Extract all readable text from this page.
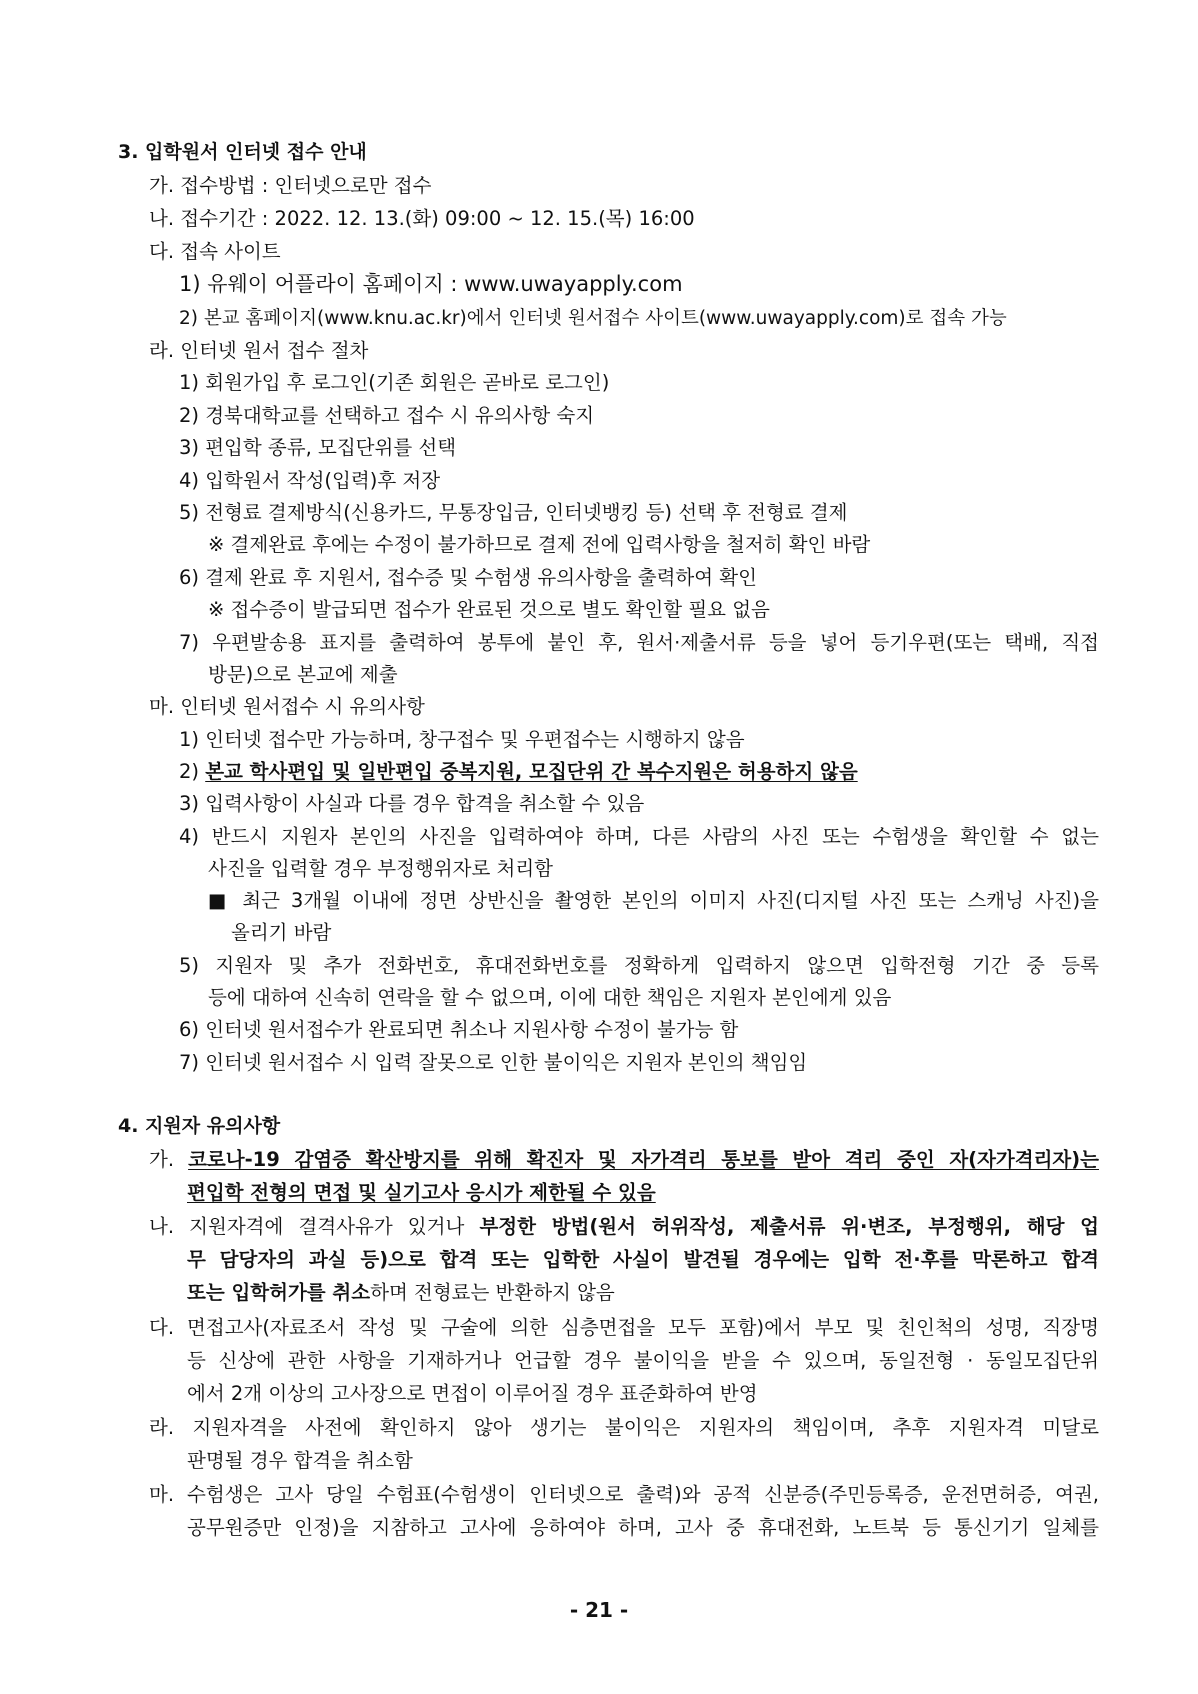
3. 입학원서 인터넷 접수 안내
가. 접수방법 : 인터넷으로만 접수
나. 접수기간 : 2022. 12. 13.(화) 09:00 ~ 12. 15.(목) 16:00
다. 접속 사이트
1) 유웨이 어플라이 홈페이지 : www.uwayapply.com
2) 본교 홈페이지(www.knu.ac.kr)에서 인터넷 원서접수 사이트(www.uwayapply.com)로 접속 가능
라. 인터넷 원서 접수 절차
1) 회원가입 후 로그인(기존 회원은 곧바로 로그인)
2) 경북대학교를 선택하고 접수 시 유의사항 숙지
3) 편입학 종류, 모집단위를 선택
4) 입학원서 작성(입력)후 저장
5) 전형료 결제방식(신용카드, 무통장입금, 인터넷뱅킹 등) 선택 후 전형료 결제
※ 결제완료 후에는 수정이 불가하므로 결제 전에 입력사항을 철저히 확인 바람
6) 결제 완료 후 지원서, 접수증 및 수험생 유의사항을 출력하여 확인
※ 접수증이 발급되면 접수가 완료된 것으로 별도 확인할 필요 없음
7) 우편발송용 표지를 출력하여 봉투에 붙인 후, 원서·제출서류 등을 넣어 등기우편(또는 택배, 직접
방문)으로 본교에 제출
마. 인터넷 원서접수 시 유의사항
1) 인터넷 접수만 가능하며, 창구접수 및 우편접수는 시행하지 않음
2) 본교 학사편입 및 일반편입 중복지원, 모집단위 간 복수지원은 허용하지 않음
3) 입력사항이 사실과 다를 경우 합격을 취소할 수 있음
4) 반드시 지원자 본인의 사진을 입력하여야 하며, 다른 사람의 사진 또는 수험생을 확인할 수 없는
사진을 입력할 경우 부정행위자로 처리함
■ 최근 3개월 이내에 정면 상반신을 촬영한 본인의 이미지 사진(디지털 사진 또는 스캐닝 사진)을
올리기 바람
5) 지원자 및 추가 전화번호, 휴대전화번호를 정확하게 입력하지 않으면 입학전형 기간 중 등록
등에 대하여 신속히 연락을 할 수 없으며, 이에 대한 책임은 지원자 본인에게 있음
6) 인터넷 원서접수가 완료되면 취소나 지원사항 수정이 불가능 함
7) 인터넷 원서접수 시 입력 잘못으로 인한 불이익은 지원자 본인의 책임임
4. 지원자 유의사항
가. 코로나-19 감염증 확산방지를 위해 확진자 및 자가격리 통보를 받아 격리 중인 자(자가격리자)는
편입학 전형의 면접 및 실기고사 응시가 제한될 수 있음
나. 지원자격에 결격사유가 있거나 부정한 방법(원서 허위작성, 제출서류 위·변조, 부정행위, 해당 업
무 담당자의 과실 등)으로 합격 또는 입학한 사실이 발견될 경우에는 입학 전·후를 막론하고 합격
또는 입학허가를 취소하며 전형료는 반환하지 않음
다. 면접고사(자료조서 작성 및 구술에 의한 심층면접을 모두 포함)에서 부모 및 친인척의 성명, 직장명
등 신상에 관한 사항을 기재하거나 언급할 경우 불이익을 받을 수 있으며, 동일전형 · 동일모집단위
에서 2개 이상의 고사장으로 면접이 이루어질 경우 표준화하여 반영
라. 지원자격을 사전에 확인하지 않아 생기는 불이익은 지원자의 책임이며, 추후 지원자격 미달로
판명될 경우 합격을 취소함
마. 수험생은 고사 당일 수험표(수험생이 인터넷으로 출력)와 공적 신분증(주민등록증, 운전면허증, 여권,
공무원증만 인정)을 지참하고 고사에 응하여야 하며, 고사 중 휴대전화, 노트북 등 통신기기 일체를
- 21 -
